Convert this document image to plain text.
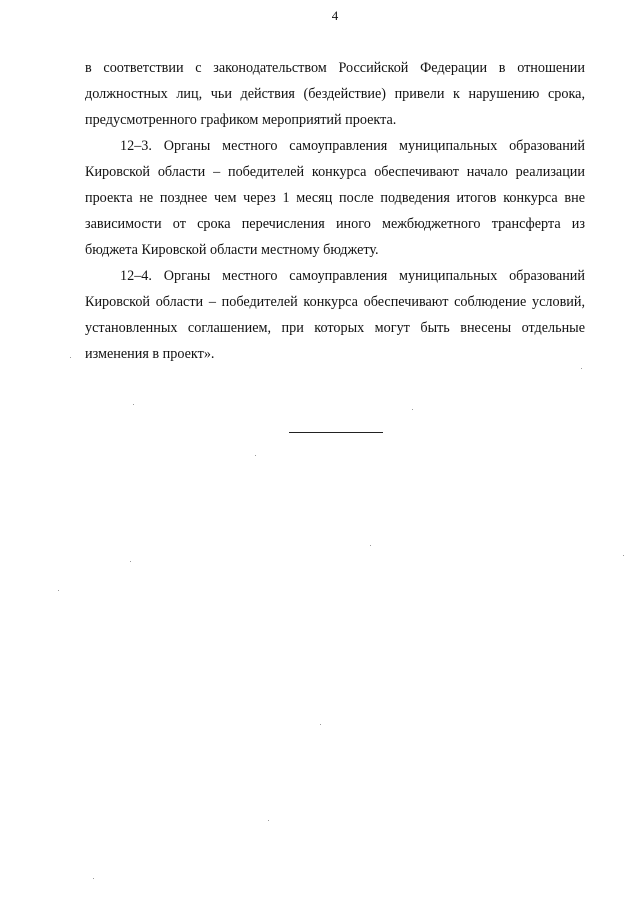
4

в соответствии с законодательством Российской Федерации в отношении должностных лиц, чьи действия (бездействие) привели к нарушению срока, предусмотренного графиком мероприятий проекта.

12–3. Органы местного самоуправления муниципальных образований Кировской области – победителей конкурса обеспечивают начало реализации проекта не позднее чем через 1 месяц после подведения итогов конкурса вне зависимости от срока перечисления иного межбюджетного трансферта из бюджета Кировской области местному бюджету.

12–4. Органы местного самоуправления муниципальных образований Кировской области – победителей конкурса обеспечивают соблюдение условий, установленных соглашением, при которых могут быть внесены отдельные изменения в проект».
